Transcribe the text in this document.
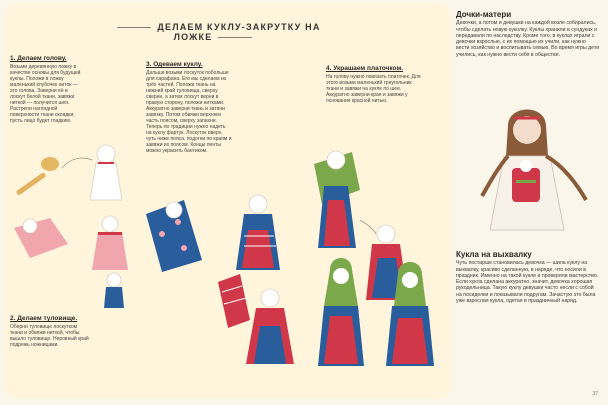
ДЕЛАЕМ КУКЛУ-ЗАКРУТКУ НА ЛОЖКЕ
1. Делаем голову.
Возьми деревянную ложку в качестве основы для будущей куклы. Положи в ложку маленький клубочек ниток — это голова. Заверни её в лоскут белой ткани, завяжи ниткой — получится шея. Растрепи наглядной поверхности ткани складки, пусть лицо будет гладким.
2. Делаем туловище.
Оберни туловище лоскутком ткани и обвяжи ниткой, чтобы вышло туловище. Неровный край подрежь ножницами.
3. Одеваем куклу.
Дальше возьми лоскуток побольше для сарафана. Его мы сделаем из трёх частей. Положи ткань на нижний край туловища, сверху сверни, а затем лоскут верни в правую сторону, положи нитками. Аккуратно заверни ткань и затяни завязку. Потом обвяжи верхнюю часть поясом, сверху запахни. Теперь по традиции нужно надеть на куклу фартук. Лоскуток вверх, чуть ниже пояса, подогни по краям и завяжи их поясом. Концы ленты можно украсить бантиком.
4. Украшаем платочком.
На голову нужно повязать платочек. Для этого возьми маленький треугольник ткани и завяжи на кукле по шее. Аккуратно заверни края и завяжи у основания красной нитью.
Дочки-матери
Девочки, а потом и девушки на каждой возле собирались, чтобы сделать новую куколку. Куклы хранили в сундуках и передавали по наследству. Кроме того, в куклах играли с девочки взрослые, с их помощью их учили, как нужно вести хозяйство и воспитывать семью. Во время игры дети учились, как нужно вести себя в обществе.
Кукла на выхвалку
Чуть постарше становилась девочка — шила куклу на выхвалку, красиво сделанную, в наряде, что носили в праздник. Именно на такой кукле и проверяли мастерство. Если кукла сделана аккуратно, значит, девочка хорошая рукодельница. Такую куклу девушки часто несли с собой на посиделки и показывали подругам. Зачастую это была уже взрослая кукла, одетая в праздничный наряд.
37
